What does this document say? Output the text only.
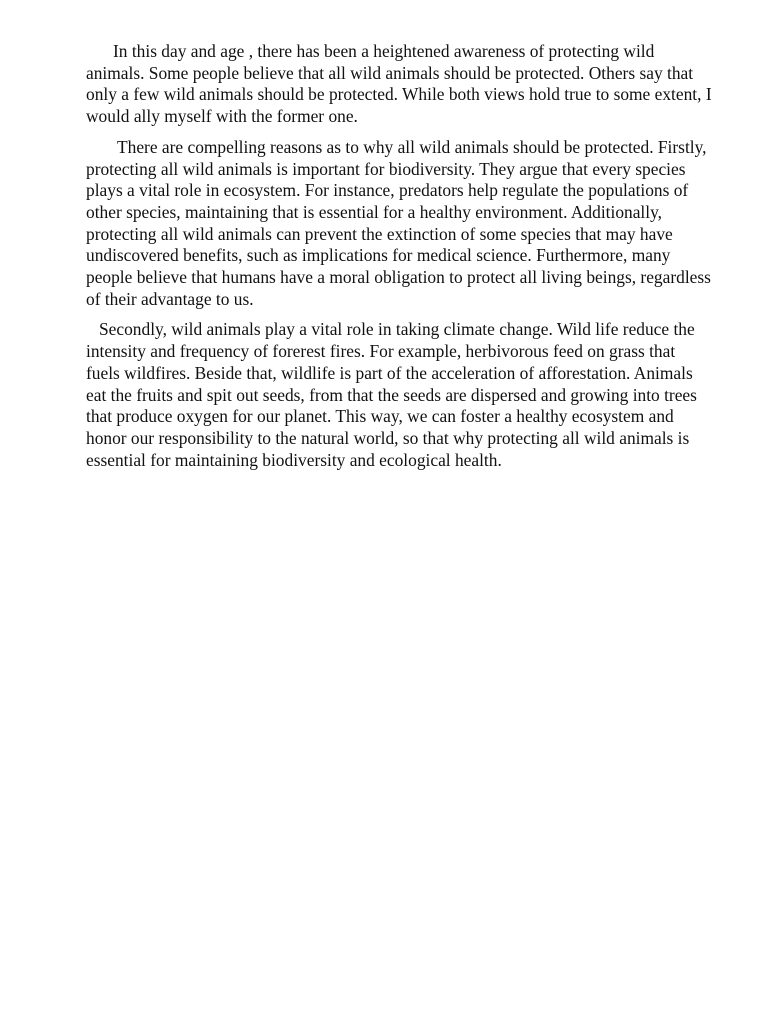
In this day and age , there has been a heightened awareness of protecting wild animals. Some people believe that all wild animals should be protected. Others say that only a few wild animals should be protected. While both views hold true to some extent, I would ally myself with the former one.

There are compelling reasons as to why all wild animals should be protected. Firstly, protecting all wild animals is important for biodiversity. They argue that every species plays a vital role in ecosystem. For instance, predators help regulate the populations of other species, maintaining that is essential for a healthy environment. Additionally, protecting all wild animals can prevent the extinction of some species that may have undiscovered benefits, such as implications for medical science. Furthermore, many people believe that humans have a moral obligation to protect all living beings, regardless of their advantage to us.

Secondly, wild animals play a vital role in taking climate change. Wild life reduce the intensity and frequency of forerest fires. For example, herbivorous feed on grass that fuels wildfires. Beside that, wildlife is part of the acceleration of afforestation. Animals eat the fruits and spit out seeds, from that the seeds are dispersed and growing into trees that produce oxygen for our planet. This way, we can foster a healthy ecosystem and honor our responsibility to the natural world, so that why protecting all wild animals is essential for maintaining biodiversity and ecological health.
